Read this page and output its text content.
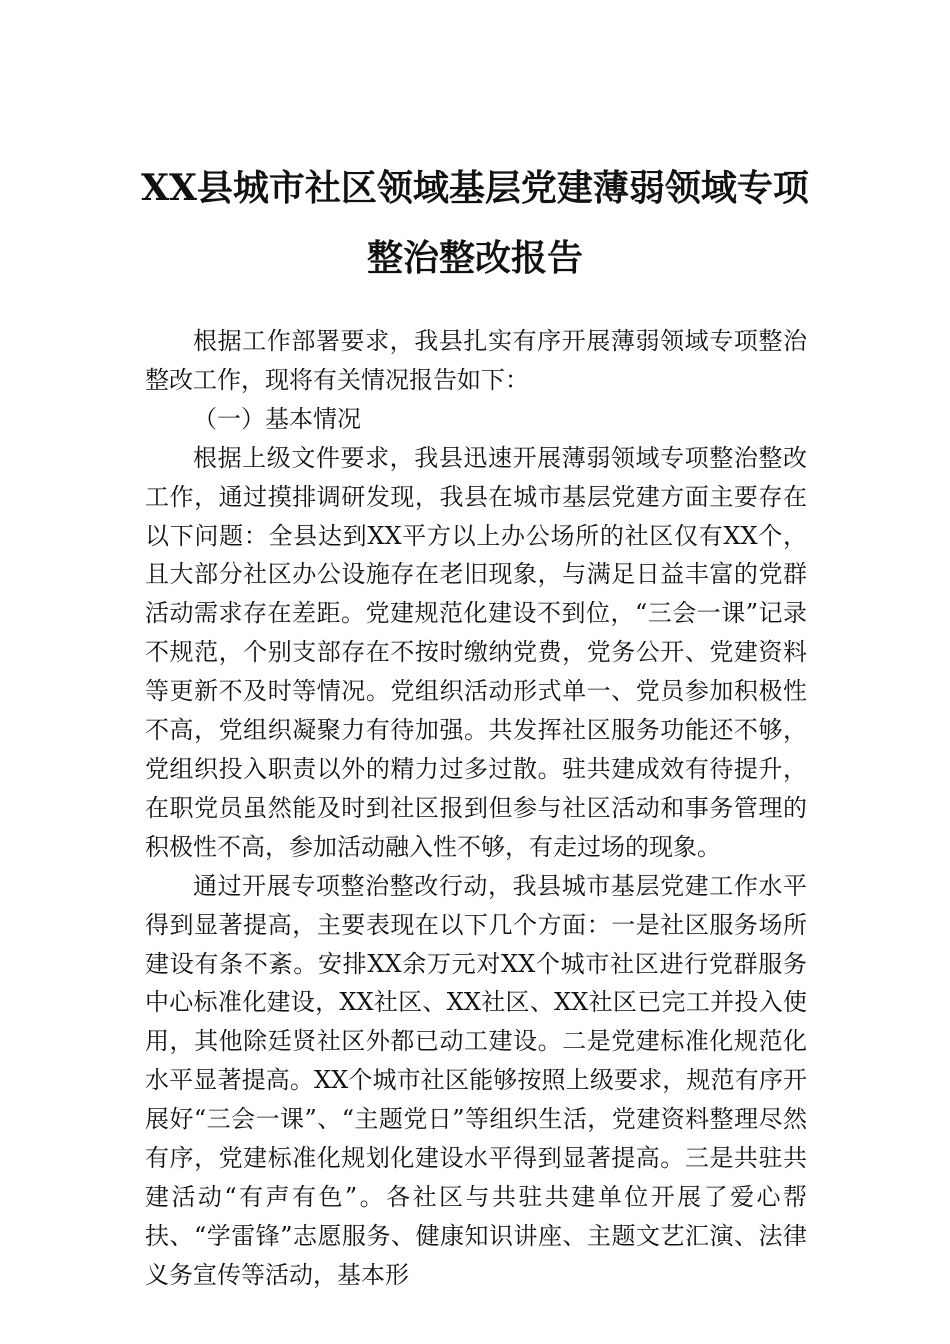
XX县城市社区领域基层党建薄弱领域专项
整治整改报告

根据工作部署要求，我县扎实有序开展薄弱领域专项整治整改工作，现将有关情况报告如下：

（一）基本情况

根据上级文件要求，我县迅速开展薄弱领域专项整治整改工作，通过摸排调研发现，我县在城市基层党建方面主要存在以下问题：全县达到XX平方以上办公场所的社区仅有XX个，且大部分社区办公设施存在老旧现象，与满足日益丰富的党群活动需求存在差距。党建规范化建设不到位，“三会一课”记录不规范，个别支部存在不按时缴纳党费，党务公开、党建资料等更新不及时等情况。党组织活动形式单一、党员参加积极性不高，党组织凝聚力有待加强。共发挥社区服务功能还不够，党组织投入职责以外的精力过多过散。驻共建成效有待提升，在职党员虽然能及时到社区报到但参与社区活动和事务管理的积极性不高，参加活动融入性不够，有走过场的现象。

通过开展专项整治整改行动，我县城市基层党建工作水平得到显著提高，主要表现在以下几个方面：一是社区服务场所建设有条不紊。安排XX余万元对XX个城市社区进行党群服务中心标准化建设，XX社区、XX社区、XX社区已完工并投入使用，其他除廷贤社区外都已动工建设。二是党建标准化规范化水平显著提高。XX个城市社区能够按照上级要求，规范有序开展好“三会一课”、“主题党日”等组织生活，党建资料整理尽然有序，党建标准化规划化建设水平得到显著提高。三是共驻共建活动“有声有色”。各社区与共驻共建单位开展了爱心帮扶、“学雷锋”志愿服务、健康知识讲座、主题文艺汇演、法律义务宣传等活动，基本形
